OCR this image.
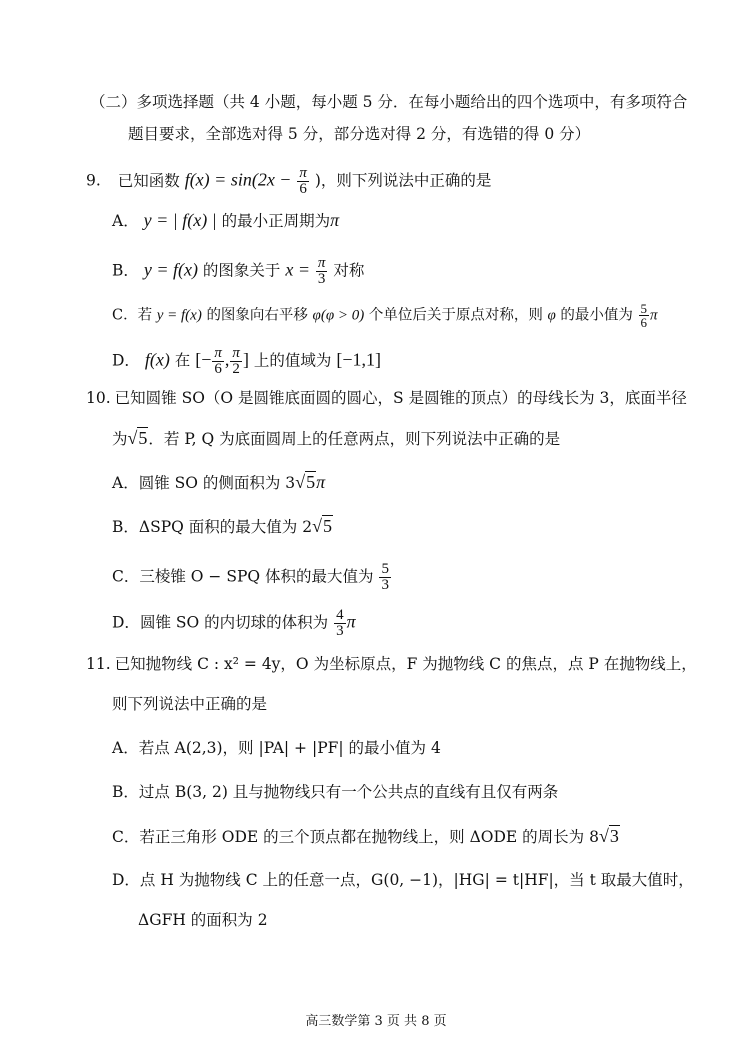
（二）多项选择题（共 4 小题，每小题 5 分．在每小题给出的四个选项中，有多项符合
题目要求，全部选对得 5 分，部分选对得 2 分，有选错的得 0 分）
9. 已知函数 $f(x) = \sin(2x - \frac{\pi}{6}$ )，则下列说法中正确的是
A． y = | f(x) | 的最小正周期为π
B． y = f(x) 的图象关于 $x = \frac{\pi}{3}$ 对称
C．若 y = f(x) 的图象向右平移 φ(φ > 0) 个单位后关于原点对称，则 φ 的最小值为 $\frac{5}{6}$ π
D． f(x) 在 [− $\frac{\pi}{6}$ , $\frac{\pi}{2}$ ] 上的值域为 [−1,1]
10. 已知圆锥 SO（O 是圆锥底面圆的圆心，S 是圆锥的顶点）的母线长为 3，底面半径
为√5．若 P, Q 为底面圆周上的任意两点，则下列说法中正确的是
A．圆锥 SO 的侧面积为 3√5π
B．ΔSPQ 面积的最大值为 2√5
C．三棱锥 O − SPQ 体积的最大值为 $\frac{5}{3}$
D．圆锥 SO 的内切球的体积为 $\frac{4}{3}$ π
11. 已知抛物线 C : x² = 4y，O 为坐标原点，F 为抛物线 C 的焦点，点 P 在抛物线上，
则下列说法中正确的是
A．若点 A(2,3)，则 |PA| + |PF| 的最小值为 4
B．过点 B(3, 2) 且与抛物线只有一个公共点的直线有且仅有两条
C．若正三角形 ODE 的三个顶点都在抛物线上，则 ΔODE 的周长为 8√3
D．点 H 为抛物线 C 上的任意一点，G(0, −1)，|HG| = t|HF|，当 t 取最大值时，
ΔGFH 的面积为 2
高三数学第 3 页 共 8 页
